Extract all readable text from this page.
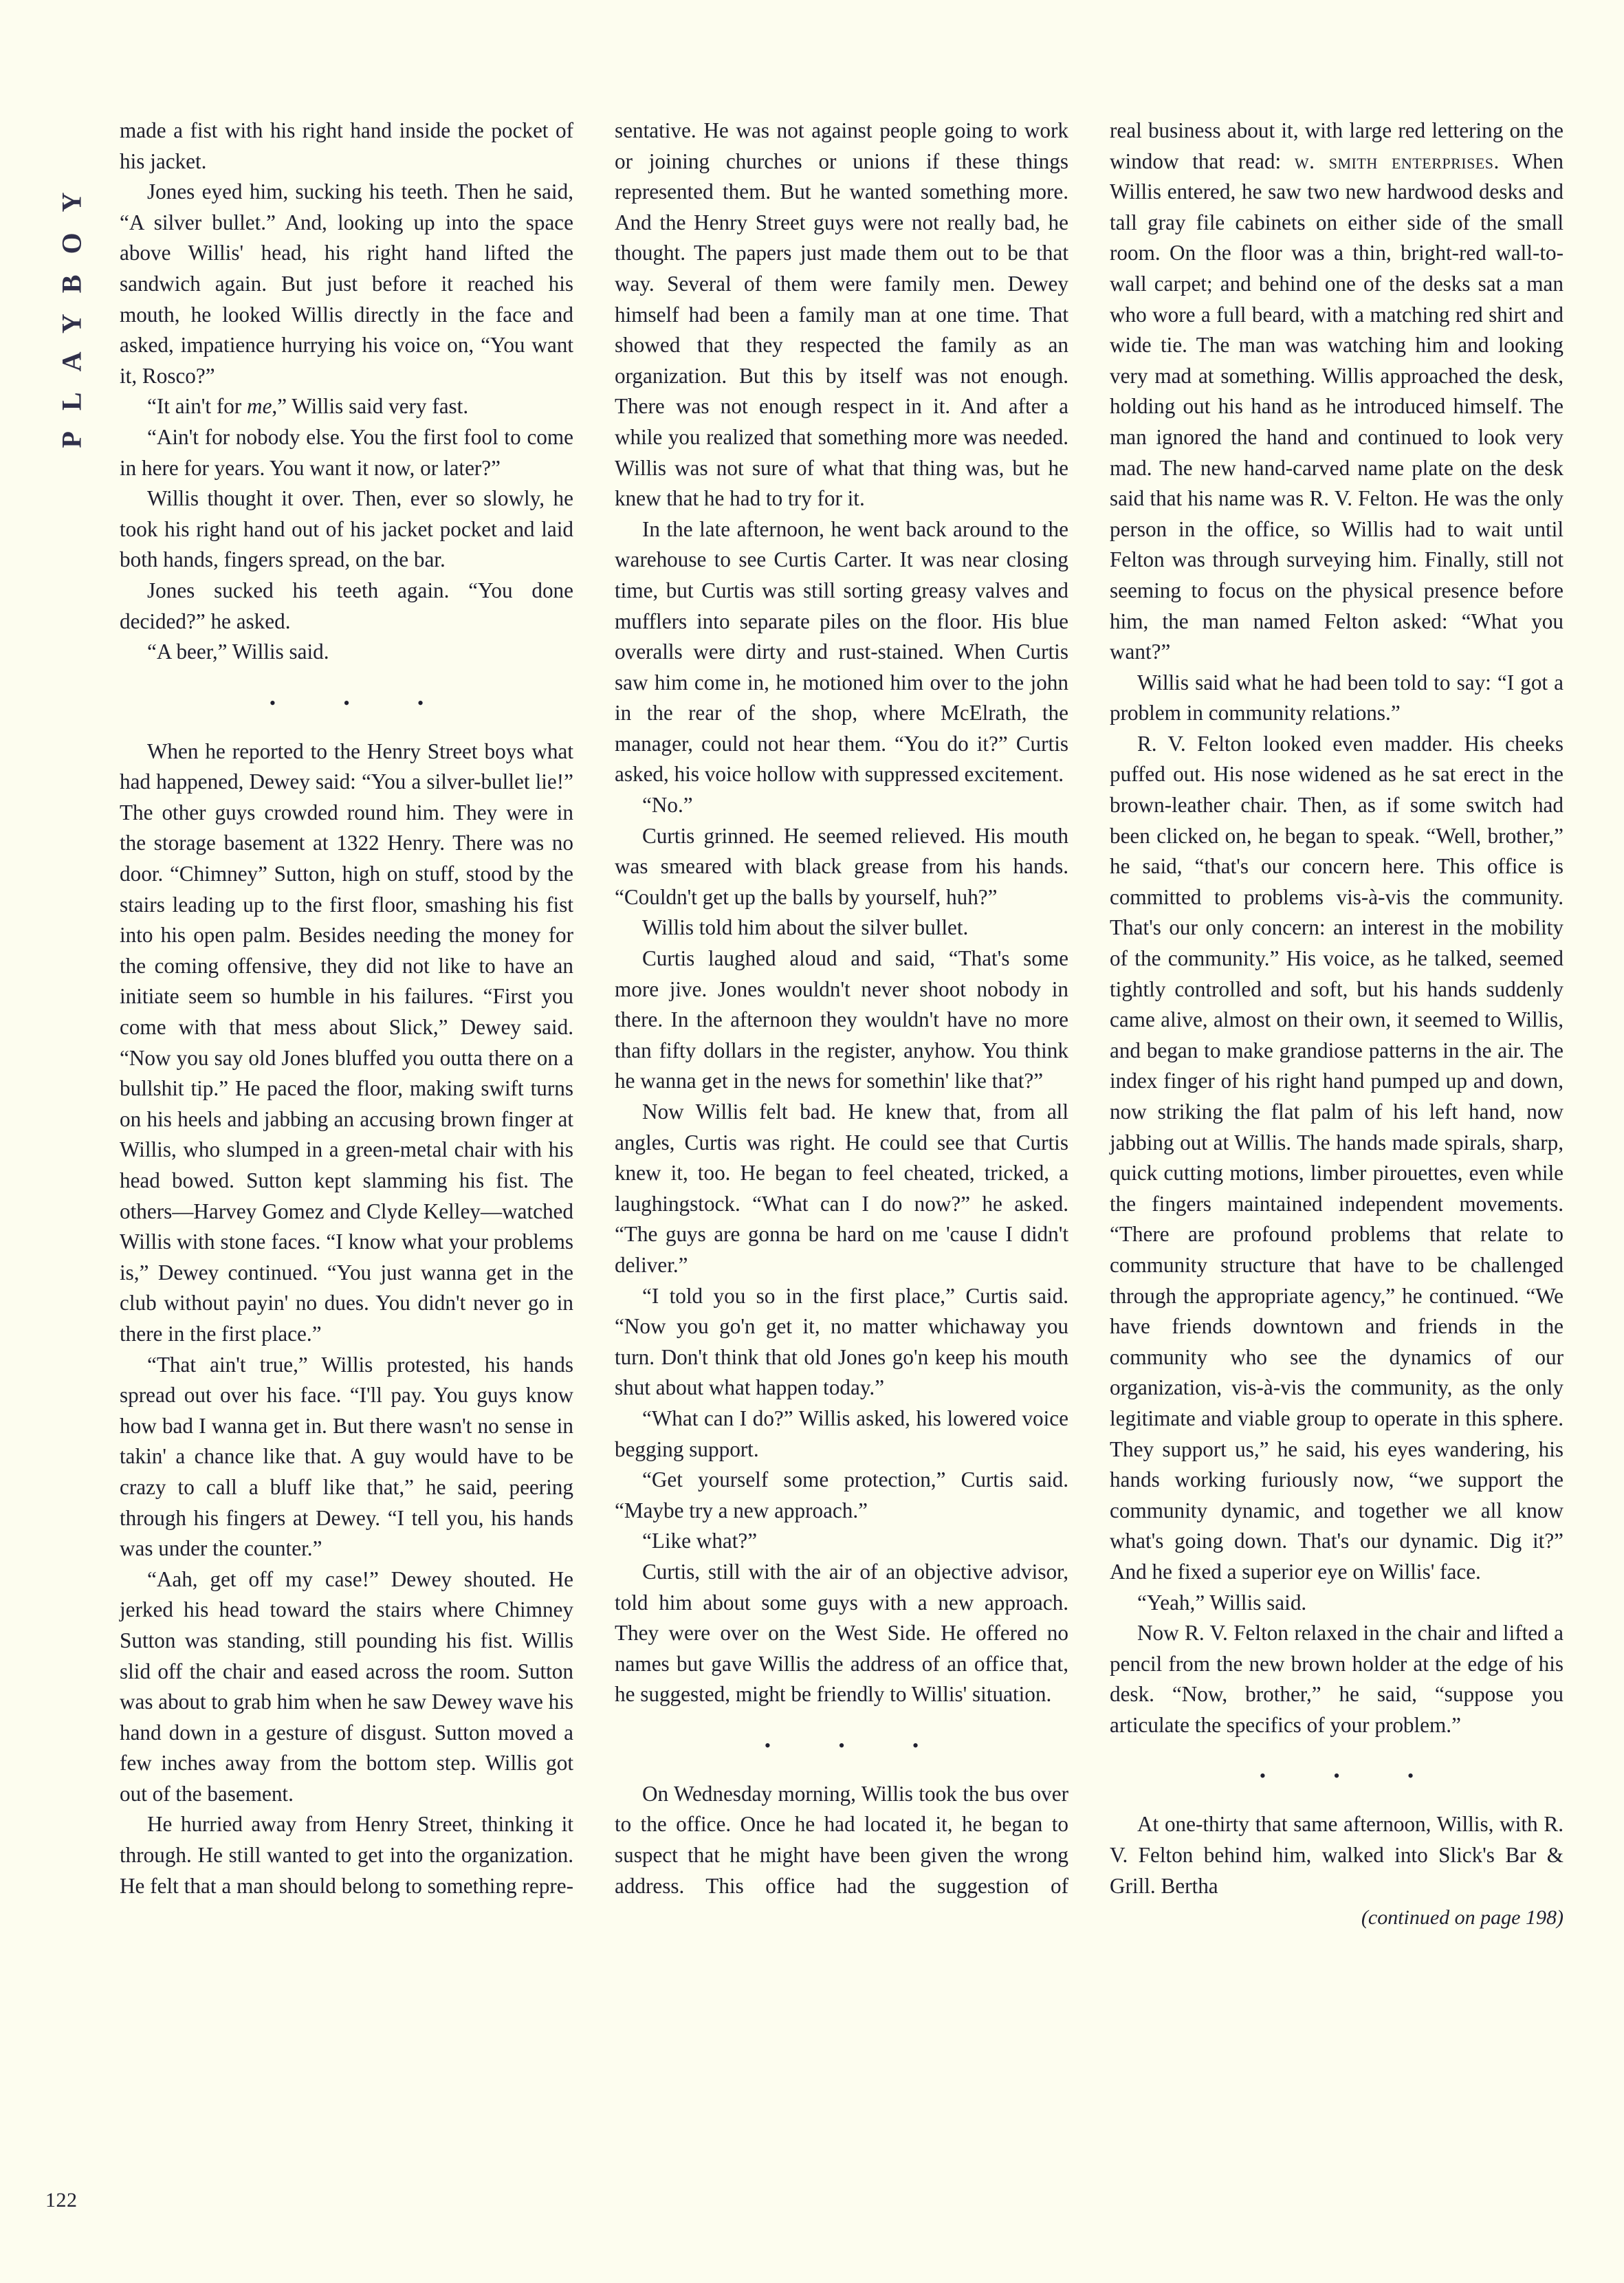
PLAYBOY

made a fist with his right hand inside the pocket of his jacket.

Jones eyed him, sucking his teeth. Then he said, “A silver bullet.” And, looking up into the space above Willis' head, his right hand lifted the sandwich again. But just before it reached his mouth, he looked Willis directly in the face and asked, impatience hurrying his voice on, “You want it, Rosco?”

“It ain't for me,” Willis said very fast.

“Ain't for nobody else. You the first fool to come in here for years. You want it now, or later?”

Willis thought it over. Then, ever so slowly, he took his right hand out of his jacket pocket and laid both hands, fingers spread, on the bar.

Jones sucked his teeth again. “You done decided?” he asked.

“A beer,” Willis said.

• • •

When he reported to the Henry Street boys what had happened, Dewey said: “You a silver-bullet lie!” The other guys crowded round him. They were in the storage basement at 1322 Henry. There was no door. “Chimney” Sutton, high on stuff, stood by the stairs leading up to the first floor, smashing his fist into his open palm. Besides needing the money for the coming offensive, they did not like to have an initiate seem so humble in his failures. “First you come with that mess about Slick,” Dewey said. “Now you say old Jones bluffed you outta there on a bullshit tip.” He paced the floor, making swift turns on his heels and jabbing an accusing brown finger at Willis, who slumped in a green-metal chair with his head bowed. Sutton kept slamming his fist. The others—Harvey Gomez and Clyde Kelley—watched Willis with stone faces. “I know what your problems is,” Dewey continued. “You just wanna get in the club without payin' no dues. You didn't never go in there in the first place.”

“That ain't true,” Willis protested, his hands spread out over his face. “I'll pay. You guys know how bad I wanna get in. But there wasn't no sense in takin' a chance like that. A guy would have to be crazy to call a bluff like that,” he said, peering through his fingers at Dewey. “I tell you, his hands was under the counter.”

“Aah, get off my case!” Dewey shouted. He jerked his head toward the stairs where Chimney Sutton was standing, still pounding his fist. Willis slid off the chair and eased across the room. Sutton was about to grab him when he saw Dewey wave his hand down in a gesture of disgust. Sutton moved a few inches away from the bottom step. Willis got out of the basement.

He hurried away from Henry Street, thinking it through. He still wanted to get into the organization. He felt that a man should belong to something repre-

sentative. He was not against people going to work or joining churches or unions if these things represented them. But he wanted something more. And the Henry Street guys were not really bad, he thought. The papers just made them out to be that way. Several of them were family men. Dewey himself had been a family man at one time. That showed that they respected the family as an organization. But this by itself was not enough. There was not enough respect in it. And after a while you realized that something more was needed. Willis was not sure of what that thing was, but he knew that he had to try for it.

In the late afternoon, he went back around to the warehouse to see Curtis Carter. It was near closing time, but Curtis was still sorting greasy valves and mufflers into separate piles on the floor. His blue overalls were dirty and rust-stained. When Curtis saw him come in, he motioned him over to the john in the rear of the shop, where McElrath, the manager, could not hear them. “You do it?” Curtis asked, his voice hollow with suppressed excitement.

“No.”

Curtis grinned. He seemed relieved. His mouth was smeared with black grease from his hands. “Couldn't get up the balls by yourself, huh?”

Willis told him about the silver bullet.

Curtis laughed aloud and said, “That's some more jive. Jones wouldn't never shoot nobody in there. In the afternoon they wouldn't have no more than fifty dollars in the register, anyhow. You think he wanna get in the news for somethin' like that?”

Now Willis felt bad. He knew that, from all angles, Curtis was right. He could see that Curtis knew it, too. He began to feel cheated, tricked, a laughingstock. “What can I do now?” he asked. “The guys are gonna be hard on me 'cause I didn't deliver.”

“I told you so in the first place,” Curtis said. “Now you go'n get it, no matter whichaway you turn. Don't think that old Jones go'n keep his mouth shut about what happen today.”

“What can I do?” Willis asked, his lowered voice begging support.

“Get yourself some protection,” Curtis said. “Maybe try a new approach.”

“Like what?”

Curtis, still with the air of an objective advisor, told him about some guys with a new approach. They were over on the West Side. He offered no names but gave Willis the address of an office that, he suggested, might be friendly to Willis' situation.

• • •

On Wednesday morning, Willis took the bus over to the office. Once he had located it, he began to suspect that he might have been given the wrong address. This office had the suggestion of

real business about it, with large red lettering on the window that read: w. smith enterprises. When Willis entered, he saw two new hardwood desks and tall gray file cabinets on either side of the small room. On the floor was a thin, bright-red wall-to-wall carpet; and behind one of the desks sat a man who wore a full beard, with a matching red shirt and wide tie. The man was watching him and looking very mad at something. Willis approached the desk, holding out his hand as he introduced himself. The man ignored the hand and continued to look very mad. The new hand-carved name plate on the desk said that his name was R. V. Felton. He was the only person in the office, so Willis had to wait until Felton was through surveying him. Finally, still not seeming to focus on the physical presence before him, the man named Felton asked: “What you want?”

Willis said what he had been told to say: “I got a problem in community relations.”

R. V. Felton looked even madder. His cheeks puffed out. His nose widened as he sat erect in the brown-leather chair. Then, as if some switch had been clicked on, he began to speak. “Well, brother,” he said, “that's our concern here. This office is committed to problems vis-à-vis the community. That's our only concern: an interest in the mobility of the community.” His voice, as he talked, seemed tightly controlled and soft, but his hands suddenly came alive, almost on their own, it seemed to Willis, and began to make grandiose patterns in the air. The index finger of his right hand pumped up and down, now striking the flat palm of his left hand, now jabbing out at Willis. The hands made spirals, sharp, quick cutting motions, limber pirouettes, even while the fingers maintained independent movements. “There are profound problems that relate to community structure that have to be challenged through the appropriate agency,” he continued. “We have friends downtown and friends in the community who see the dynamics of our organization, vis-à-vis the community, as the only legitimate and viable group to operate in this sphere. They support us,” he said, his eyes wandering, his hands working furiously now, “we support the community dynamic, and together we all know what's going down. That's our dynamic. Dig it?” And he fixed a superior eye on Willis' face.

“Yeah,” Willis said.

Now R. V. Felton relaxed in the chair and lifted a pencil from the new brown holder at the edge of his desk. “Now, brother,” he said, “suppose you articulate the specifics of your problem.”

• • •

At one-thirty that same afternoon, Willis, with R. V. Felton behind him, walked into Slick's Bar & Grill. Bertha

(continued on page 198)
122
